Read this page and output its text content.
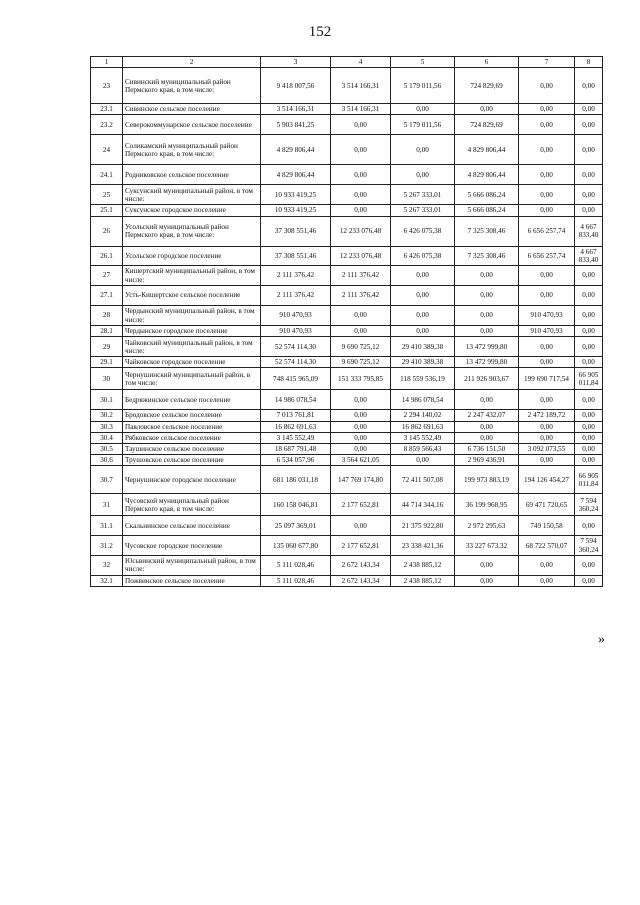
152
1	2	3	4	5	6	7	8
23	Сивинский муниципальный район Пермского края, в том числе:	9 418 007,56	3 514 166,31	5 179 011,56	724 829,69	0,00	0,00
23.1	Сивинское сельское поселение	3 514 166,31	3 514 166,31	0,00	0,00	0,00	0,00
23.2	Северокоммунарское сельское поселение	5 903 841,25	0,00	5 179 011,56	724 829,69	0,00	0,00
24	Соликамский муниципальный район Пермского края, в том числе:	4 829 806,44	0,00	0,00	4 829 806,44	0,00	0,00
24.1	Родниковское сельское поселение	4 829 806,44	0,00	0,00	4 829 806,44	0,00	0,00
25	Суксунский муниципальный район, в том числе:	10 933 419,25	0,00	5 267 333,01	5 666 086,24	0,00	0,00
25.1	Суксунское городское поселение	10 933 419,25	0,00	5 267 333,01	5 666 086,24	0,00	0,00
26	Усольский муниципальный район Пермского края, в том числе:	37 308 551,46	12 233 076,48	6 426 075,38	7 325 308,46	6 656 257,74	4 667 833,40
26.1	Усольское городское поселение	37 308 551,46	12 233 076,48	6 426 075,38	7 325 308,46	6 656 257,74	4 667 833,40
27	Кишертский муниципальный район, в том числе:	2 111 376,42	2 111 376,42	0,00	0,00	0,00	0,00
27.1	Усть-Кишертское сельское поселение	2 111 376,42	2 111 376,42	0,00	0,00	0,00	0,00
28	Чердынский муниципальный район, в том числе:	910 470,93	0,00	0,00	0,00	910 470,93	0,00
28.1	Чердынское городское поселение	910 470,93	0,00	0,00	0,00	910 470,93	0,00
29	Чайковский муниципальный район, в том числе:	52 574 114,30	9 690 725,12	29 410 389,38	13 472 999,80	0,00	0,00
29.1	Чайковское городское поселение	52 574 114,30	9 690 725,12	29 410 389,38	13 472 999,80	0,00	0,00
30	Чернушинский муниципальный район, в том числе:	748 415 965,09	151 333 795,85	118 559 536,19	211 926 903,67	199 690 717,54	66 905 011,84
30.1	Бедряжинское сельское поселение	14 986 078,54	0,00	14 986 078,54	0,00	0,00	0,00
30.2	Бродовское сельское поселение	7 013 761,81	0,00	2 294 140,02	2 247 432,07	2 472 189,72	0,00
30.3	Павловское сельское поселение	16 862 691,63	0,00	16 862 691,63	0,00	0,00	0,00
30.4	Рябковское сельское поселение	3 145 552,49	0,00	3 145 552,49	0,00	0,00	0,00
30.5	Таушинское сельское поселение	18 687 791,48	0,00	8 859 566,43	6 736 151,50	3 092 073,55	0,00
30.6	Трушовское сельское поселение	6 534 057,96	3 564 621,05	0,00	2 969 436,91	0,00	0,00
30.7	Чернушинское городское поселение	681 186 031,18	147 769 174,80	72 411 507,08	199 973 883,19	194 126 454,27	66 905 011,84
31	Чусовской муниципальный район Пермского края, в том числе:	160 158 046,81	2 177 652,81	44 714 344,16	36 199 968,95	69 471 720,65	7 594 360,24
31.1	Скальнинское сельское поселение	25 097 369,01	0,00	21 375 922,80	2 972 295,63	749 150,58	0,00
31.2	Чусовское городское поселение	135 060 677,80	2 177 652,81	23 338 421,36	33 227 673,32	68 722 570,07	7 594 360,24
32	Юсьвинский муниципальный район, в том числе:	5 111 028,46	2 672 143,34	2 438 885,12	0,00	0,00	0,00
32.1	Пожвинское сельское поселение	5 111 028,46	2 672 143,34	2 438 885,12	0,00	0,00	0,00
»
